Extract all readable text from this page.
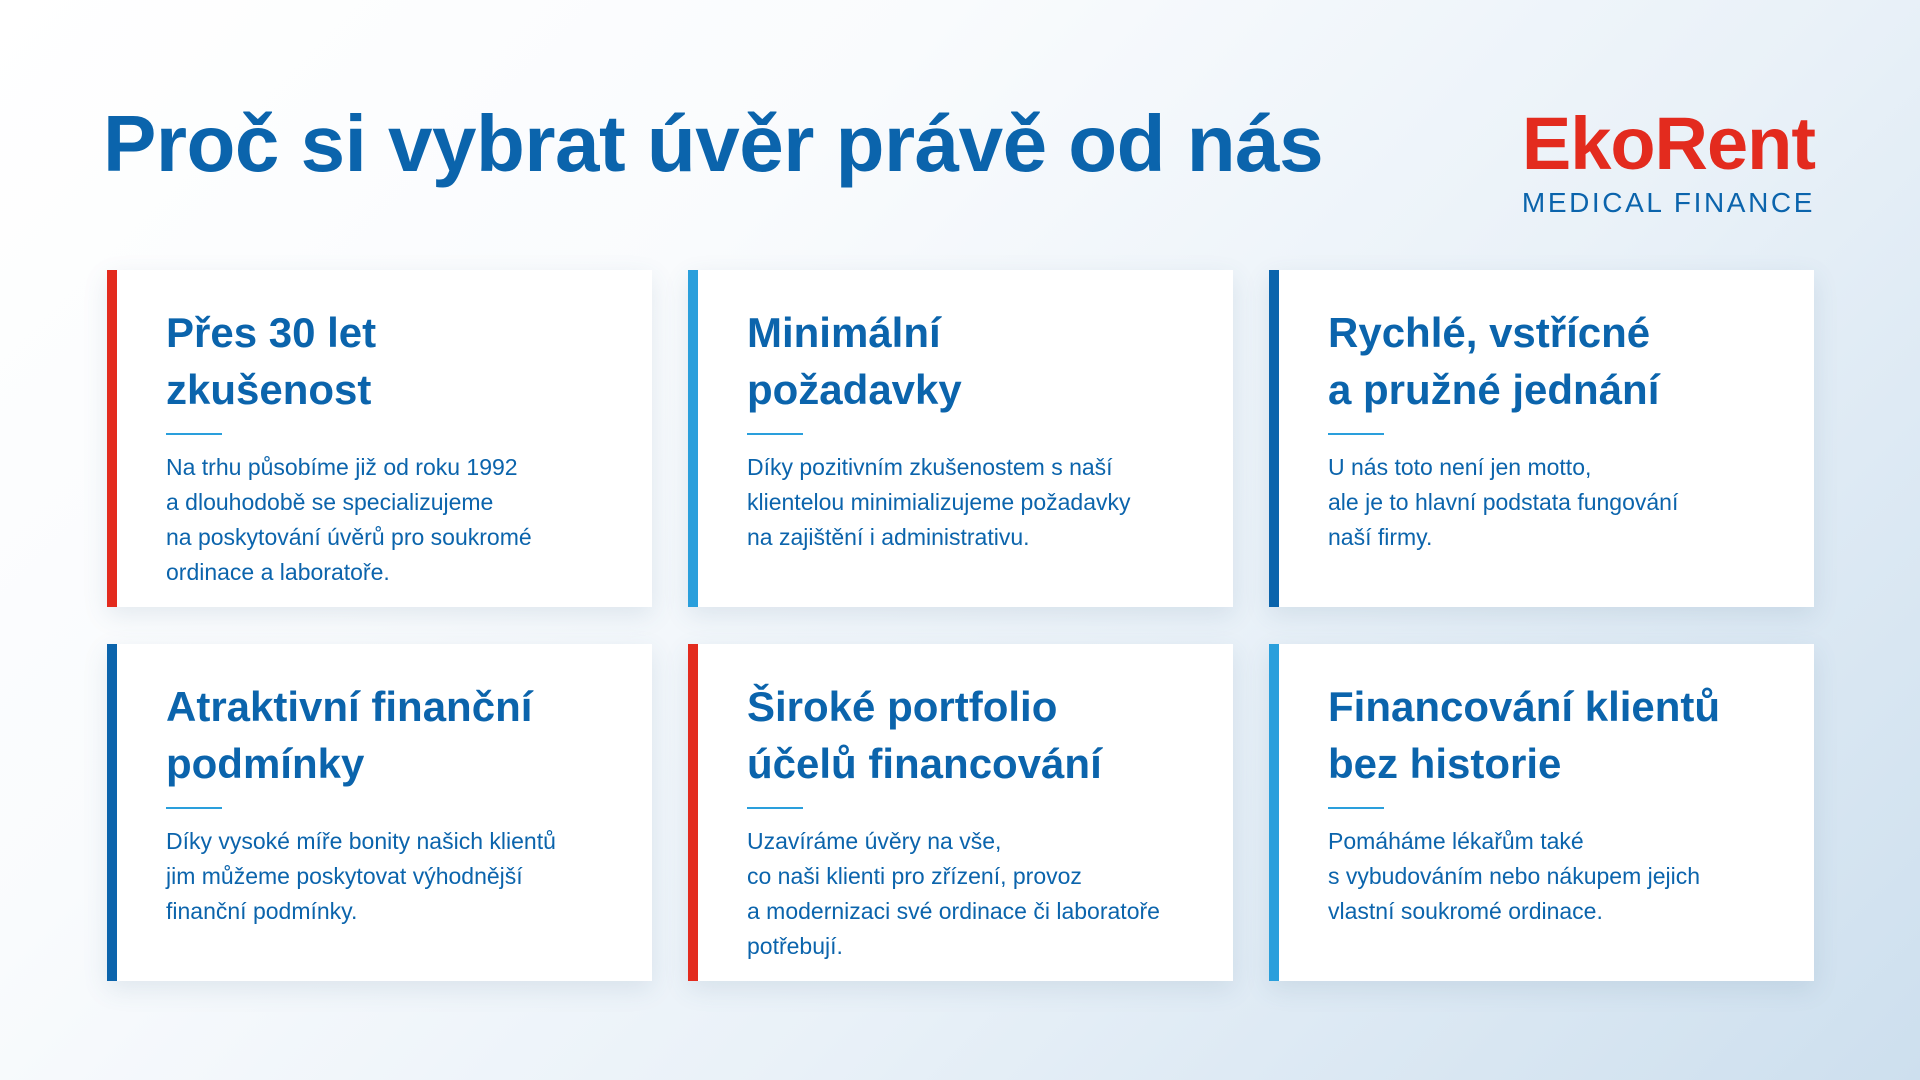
Proč si vybrat úvěr právě od nás	EkoRent
MEDICAL FINANCE
Přes 30 let
zkušenost

Na trhu působíme již od roku 1992
a dlouhodobě se specializujeme
na poskytování úvěrů pro soukromé
ordinace a laboratoře.

Minimální
požadavky

Díky pozitivním zkušenostem s naší
klientelou minimializujeme požadavky
na zajištění i administrativu.

Rychlé, vstřícné
a pružné jednání

U nás toto není jen motto,
ale je to hlavní podstata fungování
naší firmy.

Atraktivní finanční
podmínky

Díky vysoké míře bonity našich klientů
jim můžeme poskytovat výhodnější
finanční podmínky.

Široké portfolio
účelů financování

Uzavíráme úvěry na vše,
co naši klienti pro zřízení, provoz
a modernizaci své ordinace či laboratoře
potřebují.

Financování klientů
bez historie

Pomáháme lékařům také
s vybudováním nebo nákupem jejich
vlastní soukromé ordinace.
